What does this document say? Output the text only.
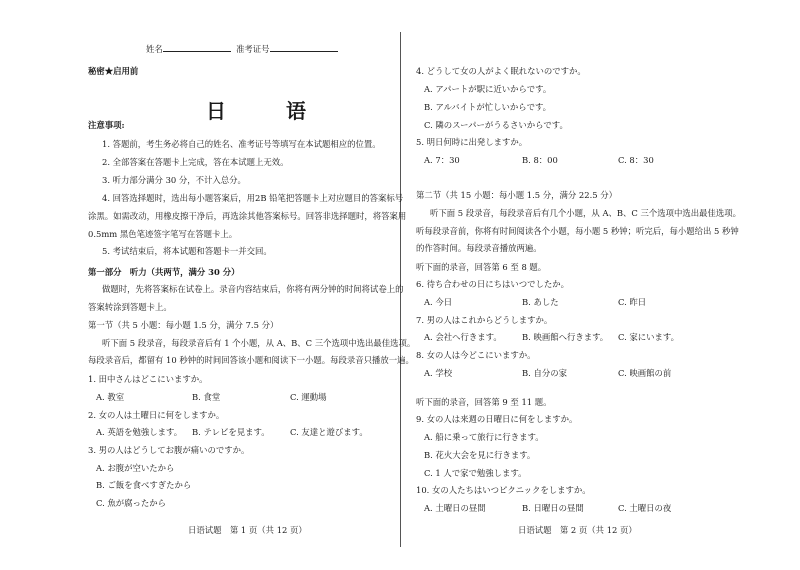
姓名	准考证号
秘密★启用前
日　语
注意事项:
1. 答题前，考生务必将自己的姓名、准考证号等填写在本试题相应的位置。
2. 全部答案在答题卡上完成，答在本试题上无效。
3. 听力部分满分 30 分，不计入总分。
4. 回答选择题时，选出每小题答案后，用2B 铅笔把答题卡上对应题目的答案标号
涂黑。如需改动，用橡皮擦干净后，再选涂其他答案标号。回答非选择题时，将答案用
0.5mm 黑色笔迹签字笔写在答题卡上。
5. 考试结束后，将本试题和答题卡一并交回。
第一部分　听力（共两节，满分 30 分）
做题时，先将答案标在试卷上。录音内容结束后，你将有两分钟的时间将试卷上的
答案转涂到答题卡上。
第一节（共 5 小题：每小题 1.5 分，满分 7.5 分）
听下面 5 段录音，每段录音后有 1 个小题，从 A、B、C 三个选项中选出最佳选项。
每段录音后，都留有 10 秒钟的时间回答该小题和阅读下一小题。每段录音只播放一遍。
1. 田中さんはどこにいますか。
A. 教室	B. 食堂	C. 運動場
2. 女の人は土曜日に何をしますか。
A. 英語を勉強します。 B. テレビを見ます。 C. 友達と遊びます。
3. 男の人はどうしてお腹が痛いのですか。
A. お腹が空いたから
B. ご飯を食べすぎたから
C. 魚が腐ったから
日语试题　第 1 页（共 12 页）
4. どうして女の人がよく眠れないのですか。
A. アパートが駅に近いからです。
B. アルバイトが忙しいからです。
C. 隣のスーパーがうるさいからです。
5. 明日何時に出発しますか。
A. 7：30	B. 8：00	C. 8：30
第二节（共 15 小题：每小题 1.5 分，满分 22.5 分）
听下面 5 段录音，每段录音后有几个小题，从 A、B、C 三个选项中选出最佳选项。
听每段录音前，你将有时间阅读各个小题，每小题 5 秒钟；听完后，每小题给出 5 秒钟
的作答时间。每段录音播放两遍。
听下面的录音，回答第 6 至 8 题。
6. 待ち合わせの日にちはいつでしたか。
A. 今日	B. あした	C. 昨日
7. 男の人はこれからどうしますか。
A. 会社へ行きます。 B. 映画館へ行きます。 C. 家にいます。
8. 女の人は今どこにいますか。
A. 学校	B. 自分の家	C. 映画館の前
听下面的录音，回答第 9 至 11 题。
9. 女の人は来週の日曜日に何をしますか。
A. 船に乗って旅行に行きます。
B. 花火大会を見に行きます。
C. 1 人で家で勉強します。
10. 女の人たちはいつピクニックをしますか。
A. 土曜日の昼間	B. 日曜日の昼間	C. 土曜日の夜
日语试题　第 2 页（共 12 页）
